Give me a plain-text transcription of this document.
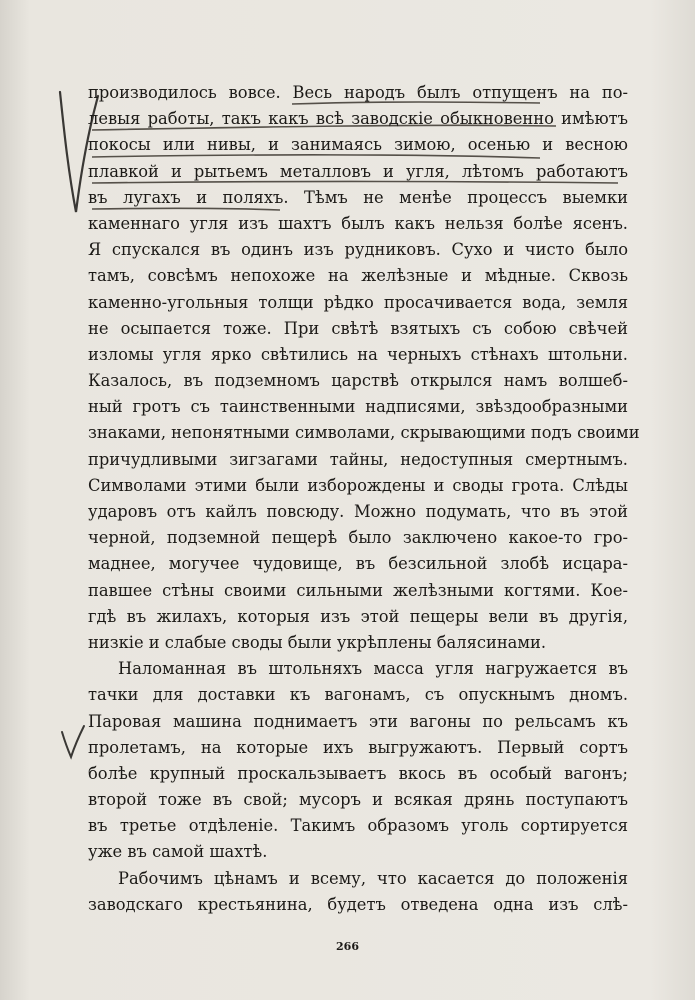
производилось вовсе. Весь народъ былъ отпущенъ на по-
левыя работы, такъ какъ всѣ заводскіе обыкновенно имѣютъ
покосы или нивы, и занимаясь зимою, осенью и весною
плавкой и рытьемъ металловъ и угля, лѣтомъ работаютъ
въ лугахъ и поляхъ. Тѣмъ не менѣе процессъ выемки
каменнаго угля изъ шахтъ былъ какъ нельзя болѣе ясенъ.
Я спускался въ одинъ изъ рудниковъ. Сухо и чисто было
тамъ, совсѣмъ непохоже на желѣзные и мѣдные. Сквозь
каменно-угольныя толщи рѣдко просачивается вода, земля
не осыпается тоже. При свѣтѣ взятыхъ съ собою свѣчей
изломы угля ярко свѣтились на черныхъ стѣнахъ штольни.
Казалось, въ подземномъ царствѣ открылся намъ волшеб-
ный гротъ съ таинственными надписями, звѣздообразными
знаками, непонятными символами, скрывающими подъ своими
причудливыми зигзагами тайны, недоступныя смертнымъ.
Символами этими были изборождены и своды грота. Слѣды
ударовъ отъ кайлъ повсюду. Можно подумать, что въ этой
черной, подземной пещерѣ было заключено какое-то гро-
маднее, могучее чудовище, въ безсильной злобѣ исцара-
павшее стѣны своими сильными желѣзными когтями. Кое-
гдѣ въ жилахъ, которыя изъ этой пещеры вели въ другія,
низкіе и слабые своды были укрѣплены балясинами.
Наломанная въ штольняхъ масса угля нагружается въ
тачки для доставки къ вагонамъ, съ опускнымъ дномъ.
Паровая машина поднимаетъ эти вагоны по рельсамъ къ
пролетамъ, на которые ихъ выгружаютъ. Первый сортъ
болѣе крупный проскальзываетъ вкось въ особый вагонъ;
второй тоже въ свой; мусоръ и всякая дрянь поступаютъ
въ третье отдѣленіе. Такимъ образомъ уголь сортируется
уже въ самой шахтѣ.
Рабочимъ цѣнамъ и всему, что касается до положенія
заводскаго крестьянина, будетъ отведена одна изъ слѣ-
266
